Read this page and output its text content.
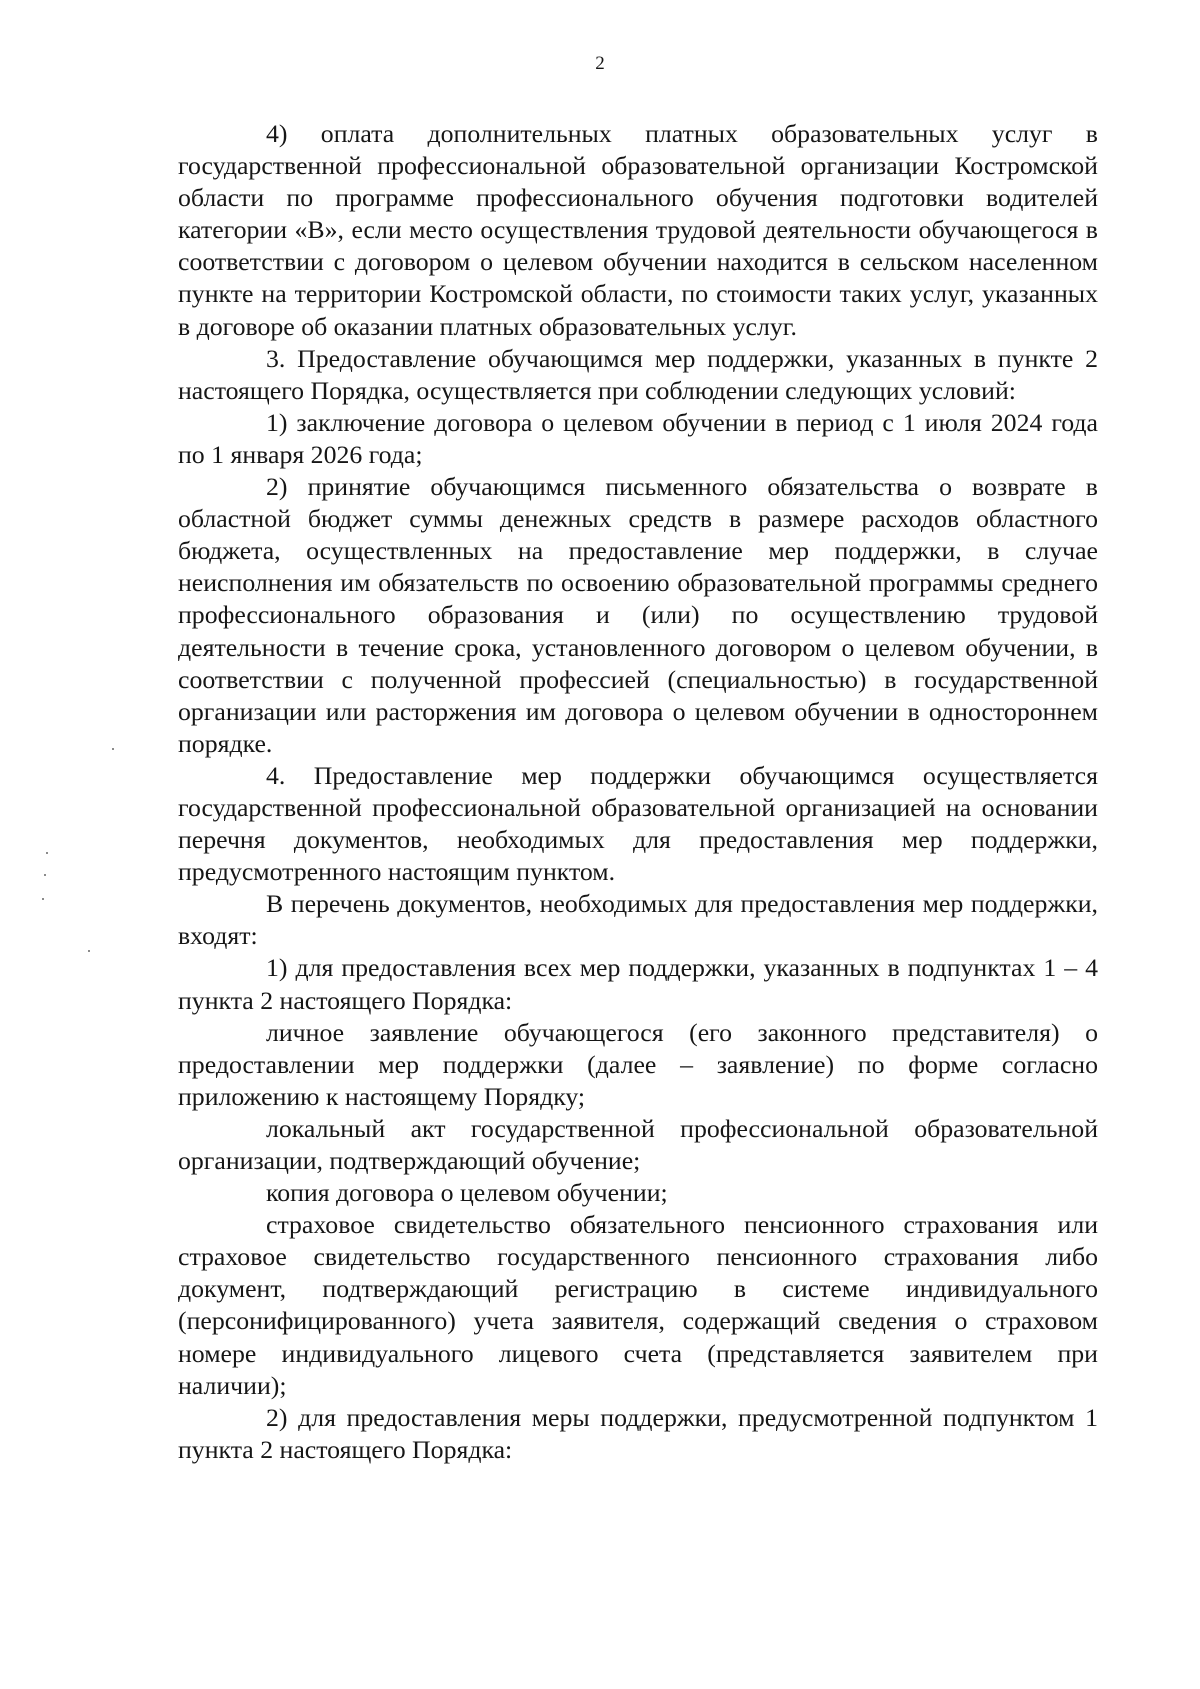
2

4) оплата дополнительных платных образовательных услуг в государственной профессиональной образовательной организации Костромской области по программе профессионального обучения подготовки водителей категории «В», если место осуществления трудовой деятельности обучающегося в соответствии с договором о целевом обучении находится в сельском населенном пункте на территории Костромской области, по стоимости таких услуг, указанных в договоре об оказании платных образовательных услуг.

3. Предоставление обучающимся мер поддержки, указанных в пункте 2 настоящего Порядка, осуществляется при соблюдении следующих условий:

1) заключение договора о целевом обучении в период с 1 июля 2024 года по 1 января 2026 года;

2) принятие обучающимся письменного обязательства о возврате в областной бюджет суммы денежных средств в размере расходов областного бюджета, осуществленных на предоставление мер поддержки, в случае неисполнения им обязательств по освоению образовательной программы среднего профессионального образования и (или) по осуществлению трудовой деятельности в течение срока, установленного договором о целевом обучении, в соответствии с полученной профессией (специальностью) в государственной организации или расторжения им договора о целевом обучении в одностороннем порядке.

4. Предоставление мер поддержки обучающимся осуществляется государственной профессиональной образовательной организацией на основании перечня документов, необходимых для предоставления мер поддержки, предусмотренного настоящим пунктом.

В перечень документов, необходимых для предоставления мер поддержки, входят:

1) для предоставления всех мер поддержки, указанных в подпунктах 1 – 4 пункта 2 настоящего Порядка:

личное заявление обучающегося (его законного представителя) о предоставлении мер поддержки (далее – заявление) по форме согласно приложению к настоящему Порядку;

локальный акт государственной профессиональной образовательной организации, подтверждающий обучение;

копия договора о целевом обучении;

страховое свидетельство обязательного пенсионного страхования или страховое свидетельство государственного пенсионного страхования либо документ, подтверждающий регистрацию в системе индивидуального (персонифицированного) учета заявителя, содержащий сведения о страховом номере индивидуального лицевого счета (представляется заявителем при наличии);

2) для предоставления меры поддержки, предусмотренной подпунктом 1 пункта 2 настоящего Порядка:
